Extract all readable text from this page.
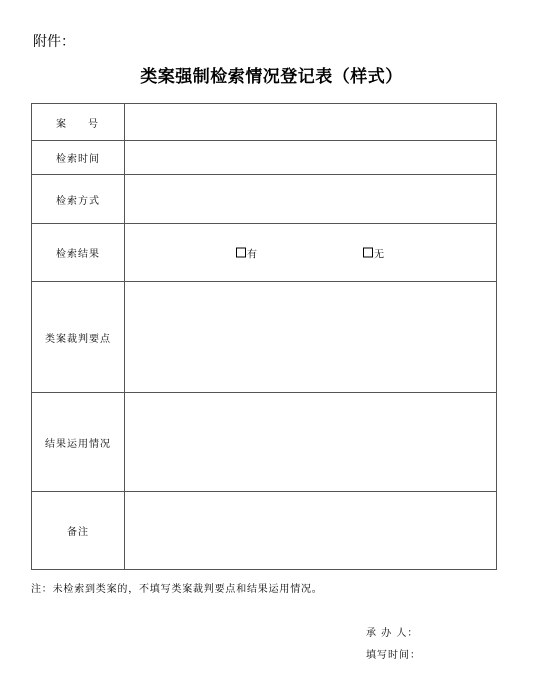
附件：
类案强制检索情况登记表（样式）
案号	
检索时间	
检索方式	
检索结果	有 无

类案裁判要点	
结果运用情况	
备注	
注：未检索到类案的，不填写类案裁判要点和结果运用情况。
承 办 人：
填写时间：
